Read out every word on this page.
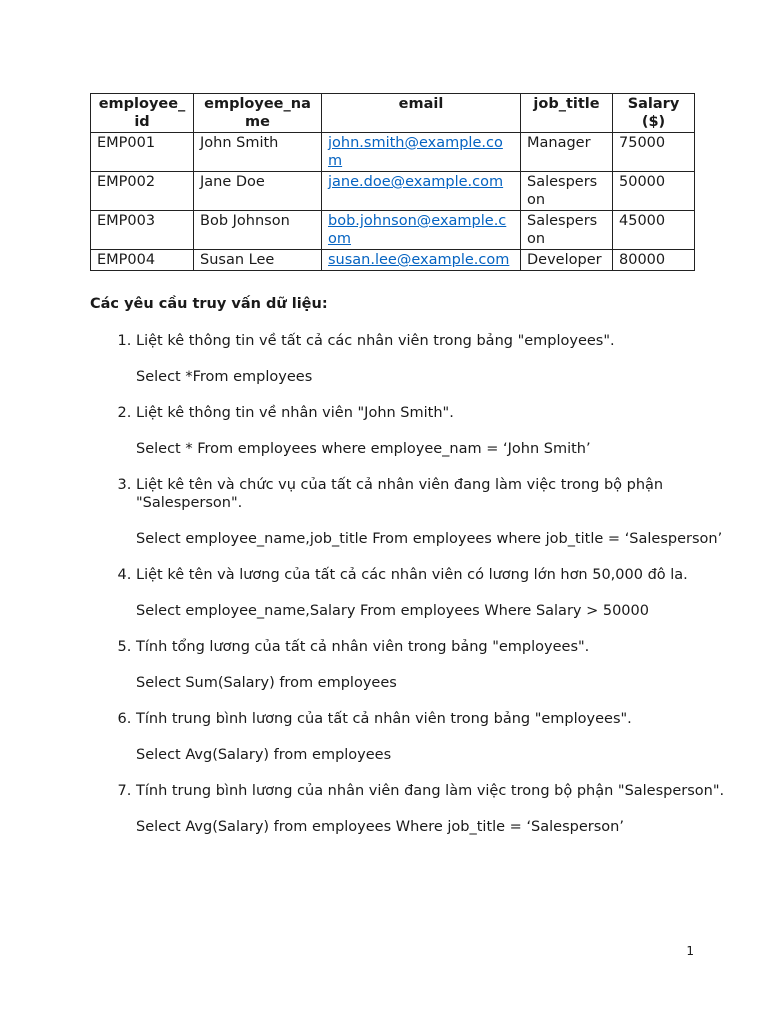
employee_id	employee_name	email	job_title	Salary ($)
EMP001	John Smith	john.smith@example.com	Manager	75000
EMP002	Jane Doe	jane.doe@example.com	Salesperson	50000
EMP003	Bob Johnson	bob.johnson@example.com	Salesperson	45000
EMP004	Susan Lee	susan.lee@example.com	Developer	80000
Các yêu cầu truy vấn dữ liệu:
1. Liệt kê thông tin về tất cả các nhân viên trong bảng "employees".
Select *From employees
2. Liệt kê thông tin về nhân viên "John Smith".
Select * From employees where employee_nam = ‘John Smith’
3. Liệt kê tên và chức vụ của tất cả nhân viên đang làm việc trong bộ phận "Salesperson".
Select employee_name,job_title From employees where job_title = ‘Salesperson’
4. Liệt kê tên và lương của tất cả các nhân viên có lương lớn hơn 50,000 đô la.
Select employee_name,Salary From employees Where Salary > 50000
5. Tính tổng lương của tất cả nhân viên trong bảng "employees".
Select Sum(Salary) from employees
6. Tính trung bình lương của tất cả nhân viên trong bảng "employees".
Select Avg(Salary) from employees
7. Tính trung bình lương của nhân viên đang làm việc trong bộ phận "Salesperson".
Select Avg(Salary) from employees Where job_title = ‘Salesperson’
1
